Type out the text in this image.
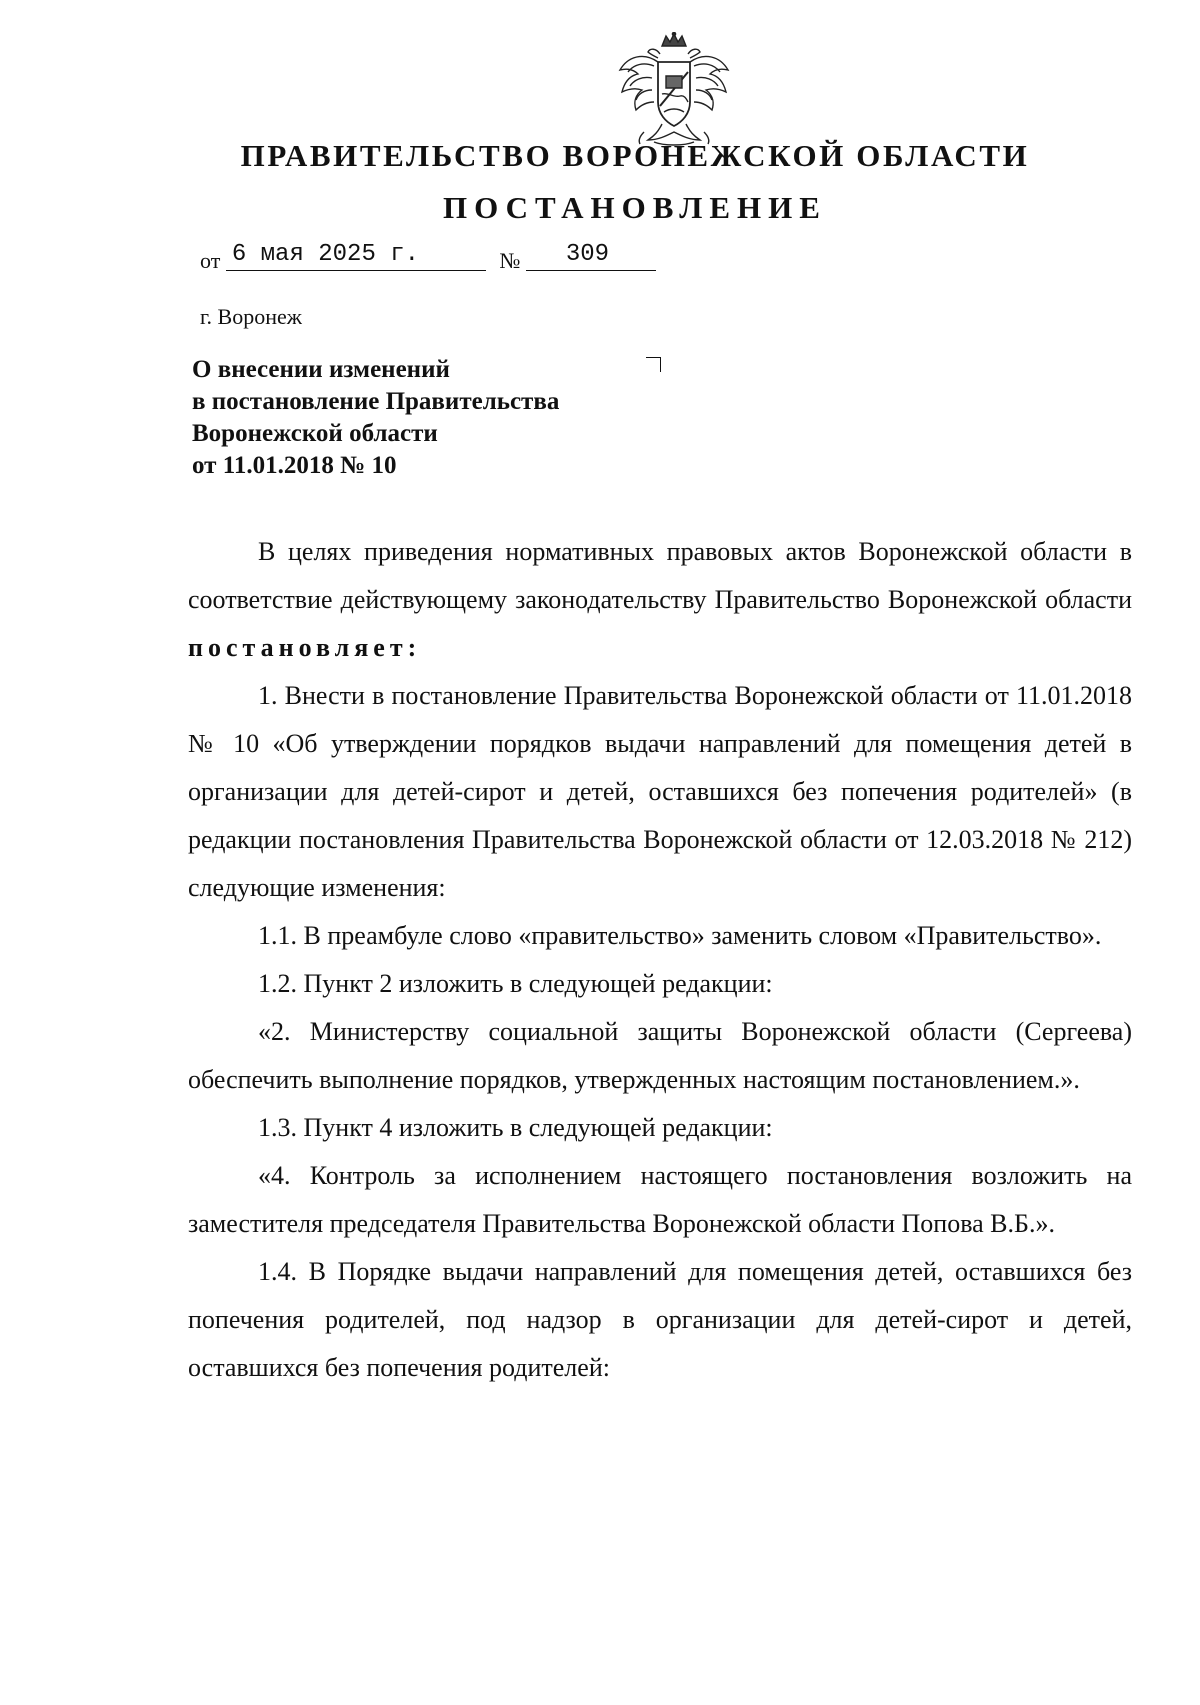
ПРАВИТЕЛЬСТВО ВОРОНЕЖСКОЙ ОБЛАСТИ
ПОСТАНОВЛЕНИЕ
от 6 мая 2025 г.	№ 309
г. Воронеж
О внесении изменений
в постановление Правительства
Воронежской области
от 11.01.2018 № 10

В целях приведения нормативных правовых актов Воронежской области в соответствие действующему законодательству Правительство Воронежской области постановляет:

1. Внести в постановление Правительства Воронежской области от 11.01.2018 № 10 «Об утверждении порядков выдачи направлений для помещения детей в организации для детей-сирот и детей, оставшихся без попечения родителей» (в редакции постановления Правительства Воронежской области от 12.03.2018 № 212) следующие изменения:

1.1. В преамбуле слово «правительство» заменить словом «Правительство».

1.2. Пункт 2 изложить в следующей редакции:

«2. Министерству социальной защиты Воронежской области (Сергеева) обеспечить выполнение порядков, утвержденных настоящим постановлением.».

1.3. Пункт 4 изложить в следующей редакции:

«4. Контроль за исполнением настоящего постановления возложить на заместителя председателя Правительства Воронежской области Попова В.Б.».

1.4. В Порядке выдачи направлений для помещения детей, оставшихся без попечения родителей, под надзор в организации для детей-сирот и детей, оставшихся без попечения родителей:
